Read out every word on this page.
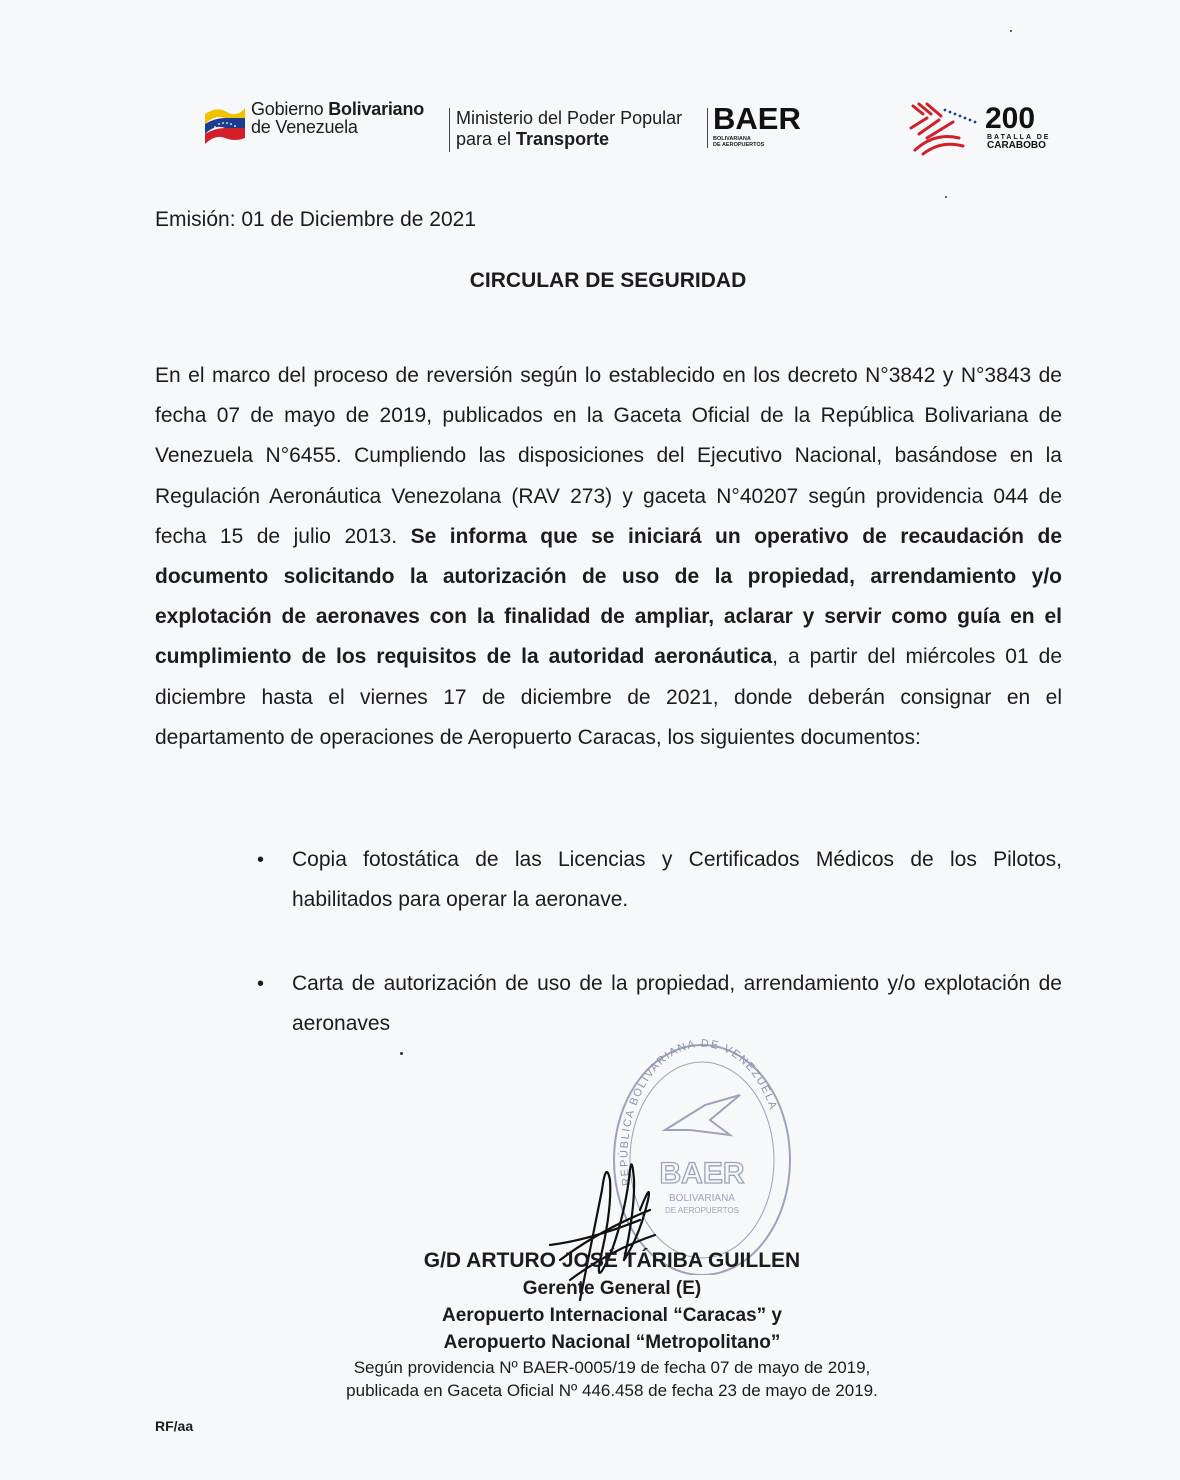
Gobierno Bolivariano
de Venezuela	Ministerio del Poder Popular
para el Transporte
BAER
BOLIVARIANA
DE AEROPUERTOS
200
BATALLA DE
CARABOBO
Emisión: 01 de Diciembre de 2021
CIRCULAR DE SEGURIDAD
En el marco del proceso de reversión según lo establecido en los decreto N°3842 y N°3843 de fecha 07 de mayo de 2019, publicados en la Gaceta Oficial de la República Bolivariana de Venezuela N°6455. Cumpliendo las disposiciones del Ejecutivo Nacional, basándose en la Regulación Aeronáutica Venezolana (RAV 273) y gaceta N°40207 según providencia 044 de fecha 15 de julio 2013. Se informa que se iniciará un operativo de recaudación de documento solicitando la autorización de uso de la propiedad, arrendamiento y/o explotación de aeronaves con la finalidad de ampliar, aclarar y servir como guía en el cumplimiento de los requisitos de la autoridad aeronáutica, a partir del miércoles 01 de diciembre hasta el viernes 17 de diciembre de 2021, donde deberán consignar en el departamento de operaciones de Aeropuerto Caracas, los siguientes documentos:
• Copia fotostática de las Licencias y Certificados Médicos de los Pilotos, habilitados para operar la aeronave.
• Carta de autorización de uso de la propiedad, arrendamiento y/o explotación de aeronaves
REPÚBLICA BOLIVARIANA DE VENEZUELA
BAER
BOLIVARIANA
DE AEROPUERTOS
G/D ARTURO JOSÉ TÁRIBA GUILLEN
Gerente General (E)
Aeropuerto Internacional “Caracas” y
Aeropuerto Nacional “Metropolitano”
Según providencia Nº BAER-0005/19 de fecha 07 de mayo de 2019,
publicada en Gaceta Oficial Nº 446.458 de fecha 23 de mayo de 2019.
RF/aa
